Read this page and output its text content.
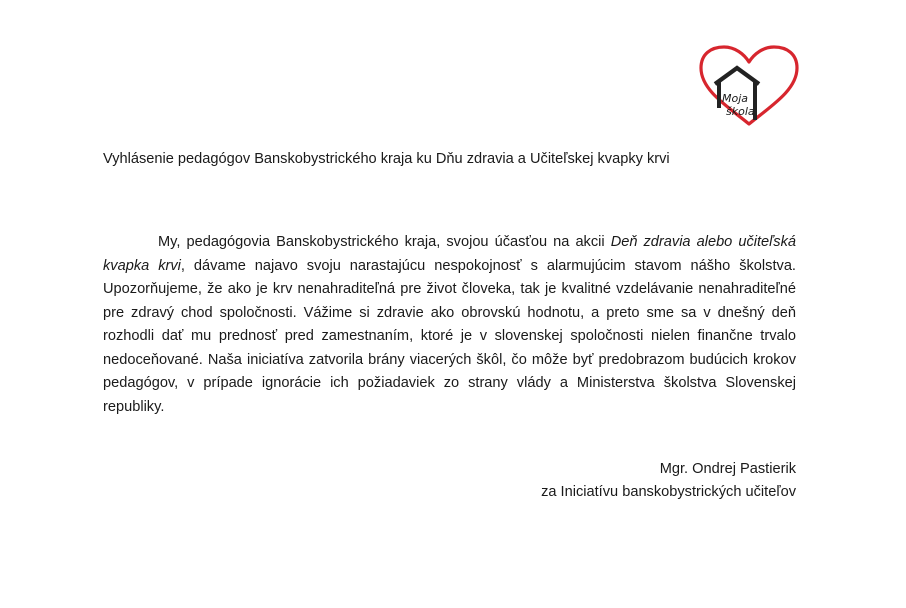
Moja
škola
Vyhlásenie pedagógov Banskobystrického kraja ku Dňu zdravia a Učiteľskej kvapky krvi

My, pedagógovia Banskobystrického kraja, svojou účasťou na akcii Deň zdravia alebo učiteľská kvapka krvi, dávame najavo svoju narastajúcu nespokojnosť s alarmujúcim stavom nášho školstva. Upozorňujeme, že ako je krv nenahraditeľná pre život človeka, tak je kvalitné vzdelávanie nenahraditeľné pre zdravý chod spoločnosti. Vážime si zdravie ako obrovskú hodnotu, a preto sme sa v dnešný deň rozhodli dať mu prednosť pred zamestnaním, ktoré je v slovenskej spoločnosti nielen finančne trvalo nedoceňované. Naša iniciatíva zatvorila brány viacerých škôl, čo môže byť predobrazom budúcich krokov pedagógov, v prípade ignorácie ich požiadaviek zo strany vlády a Ministerstva školstva Slovenskej republiky.

Mgr. Ondrej Pastierik
za Iniciatívu banskobystrických učiteľov
